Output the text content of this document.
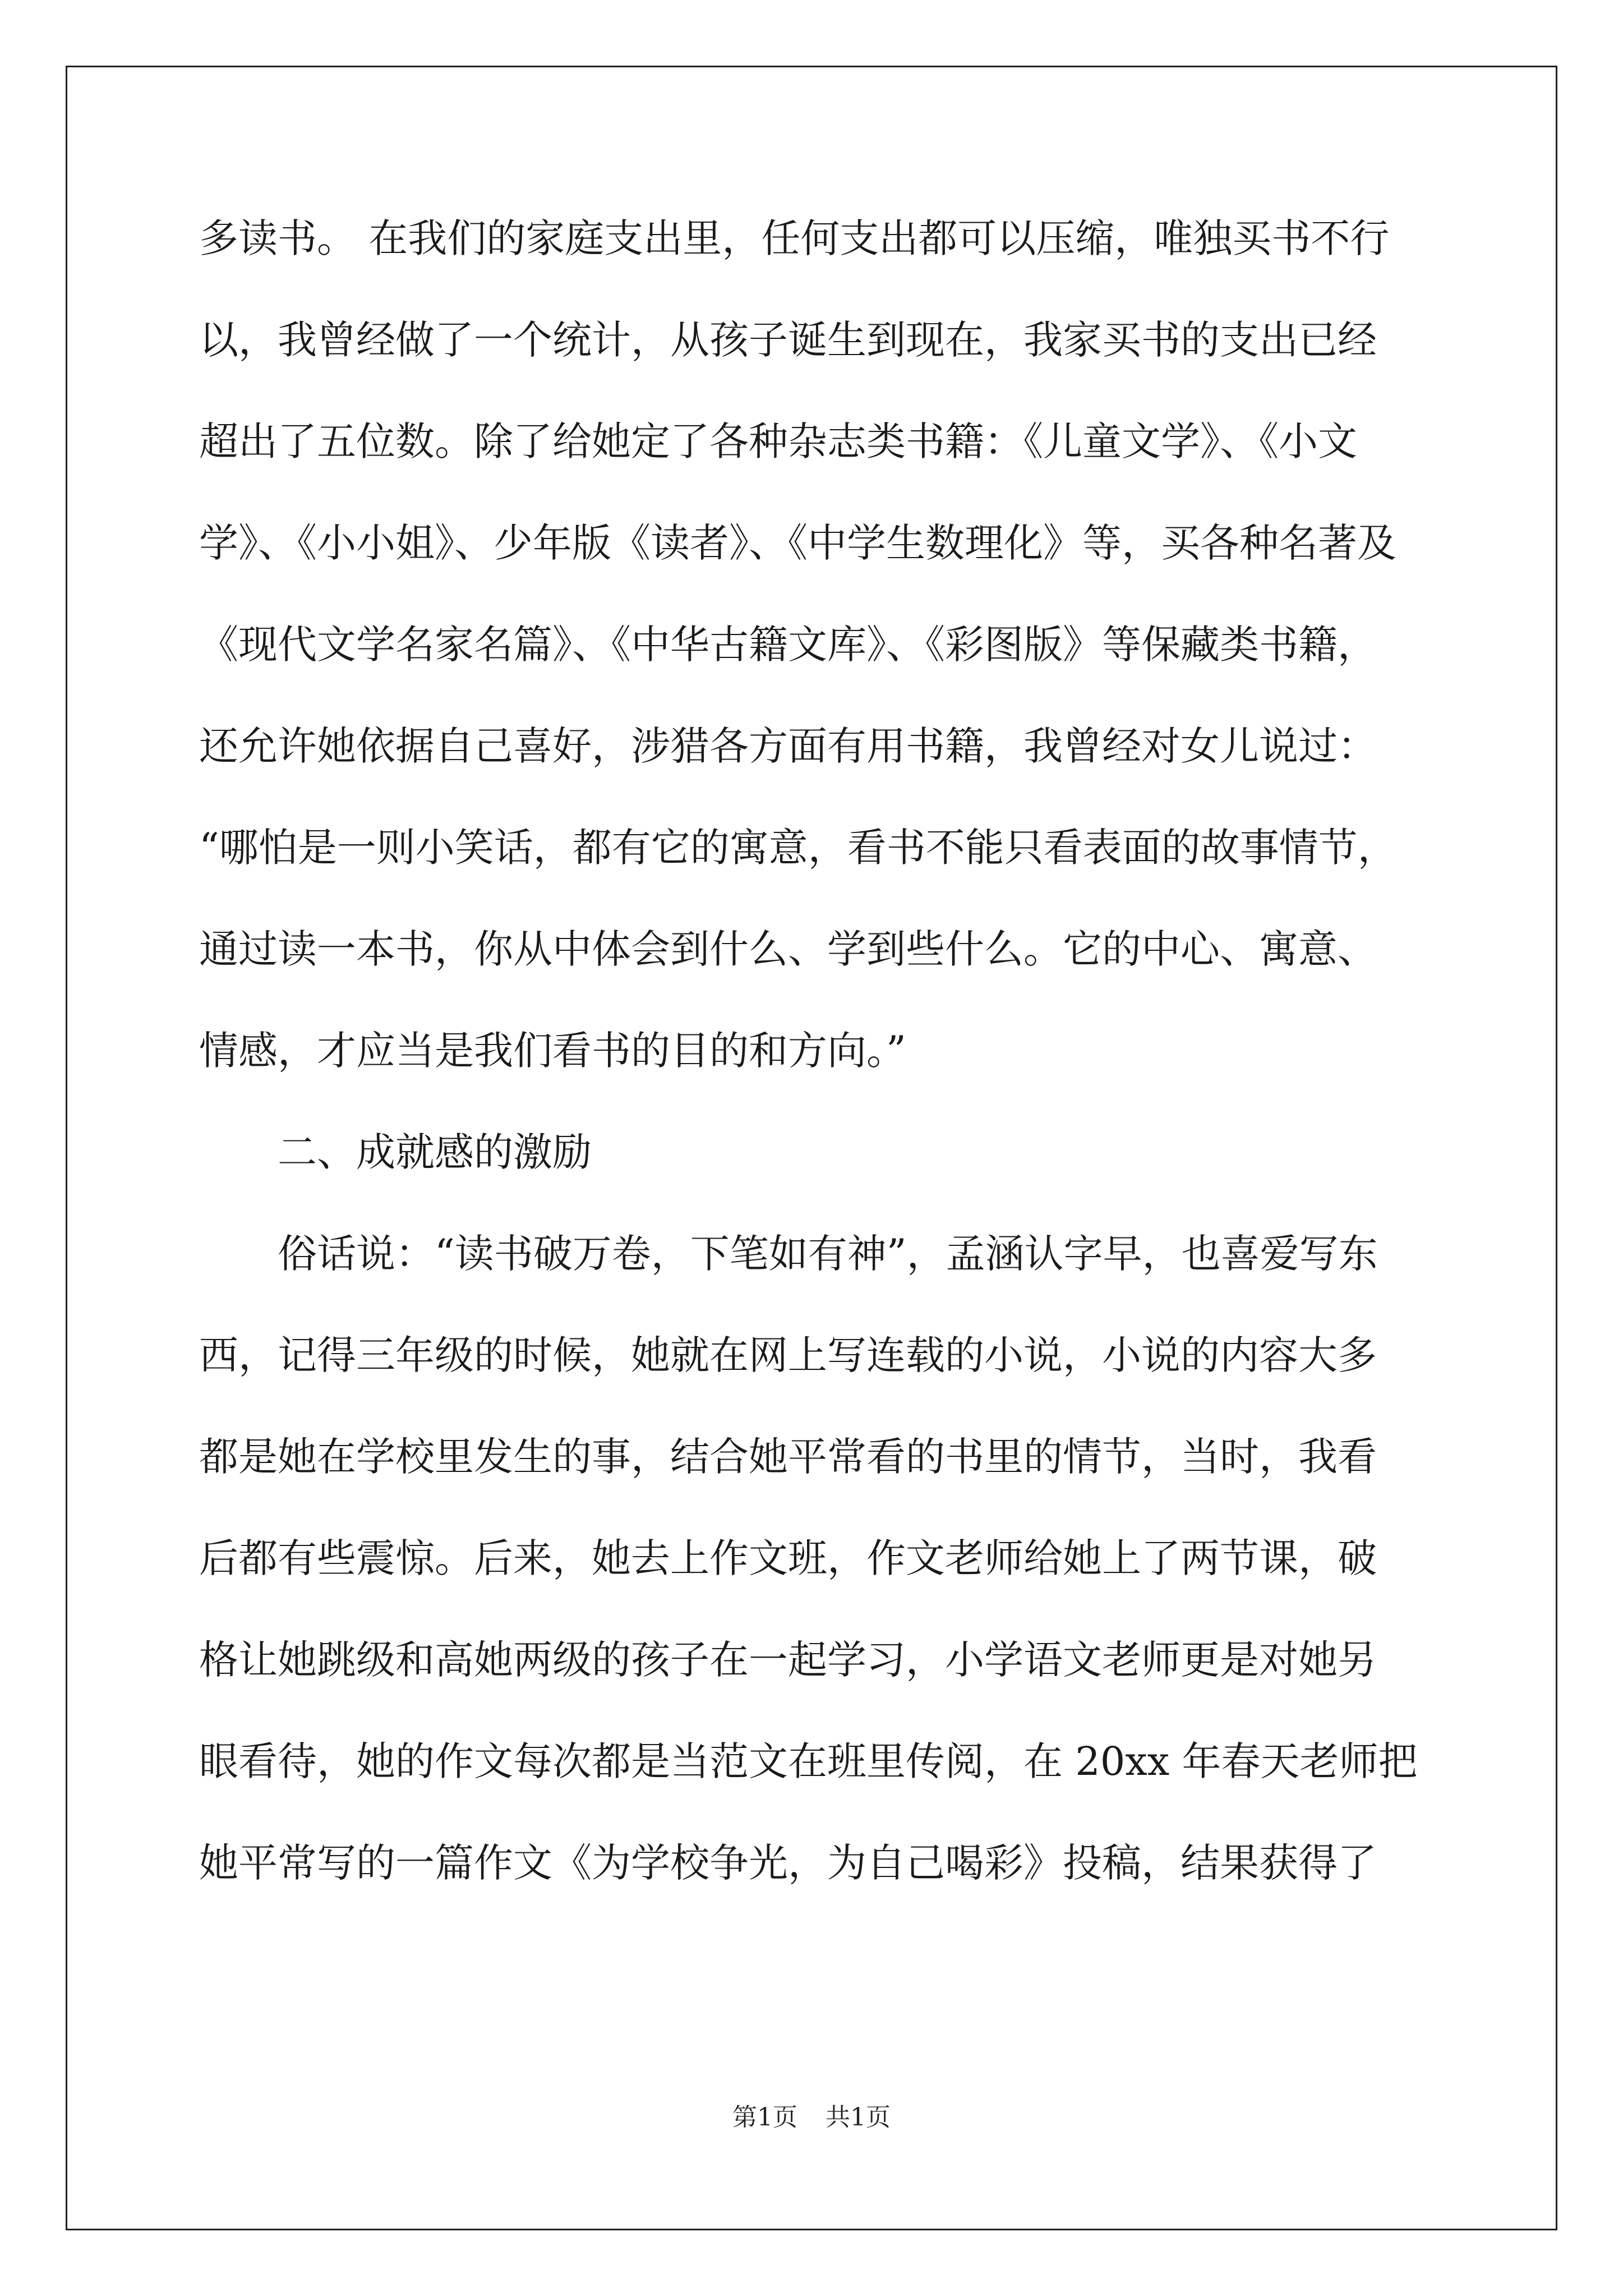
多读书。 在我们的家庭支出里，任何支出都可以压缩，唯独买书不行
以，我曾经做了一个统计，从孩子诞生到现在，我家买书的支出已经
超出了五位数。除了给她定了各种杂志类书籍：《儿童文学》、《小文
学》、《小小姐》、少年版《读者》、《中学生数理化》等，买各种名著及
《现代文学名家名篇》、《中华古籍文库》、《彩图版》等保藏类书籍，
还允许她依据自己喜好，涉猎各方面有用书籍，我曾经对女儿说过：
“哪怕是一则小笑话，都有它的寓意，看书不能只看表面的故事情节，
通过读一本书，你从中体会到什么、学到些什么。它的中心、寓意、
情感，才应当是我们看书的目的和方向。”
二、成就感的激励
俗话说：“读书破万卷，下笔如有神”，孟涵认字早，也喜爱写东
西，记得三年级的时候，她就在网上写连载的小说，小说的内容大多
都是她在学校里发生的事，结合她平常看的书里的情节，当时，我看
后都有些震惊。后来，她去上作文班，作文老师给她上了两节课，破
格让她跳级和高她两级的孩子在一起学习，小学语文老师更是对她另
眼看待，她的作文每次都是当范文在班里传阅，在 20xx 年春天老师把
她平常写的一篇作文《为学校争光，为自己喝彩》投稿，结果获得了
第1页 共1页
